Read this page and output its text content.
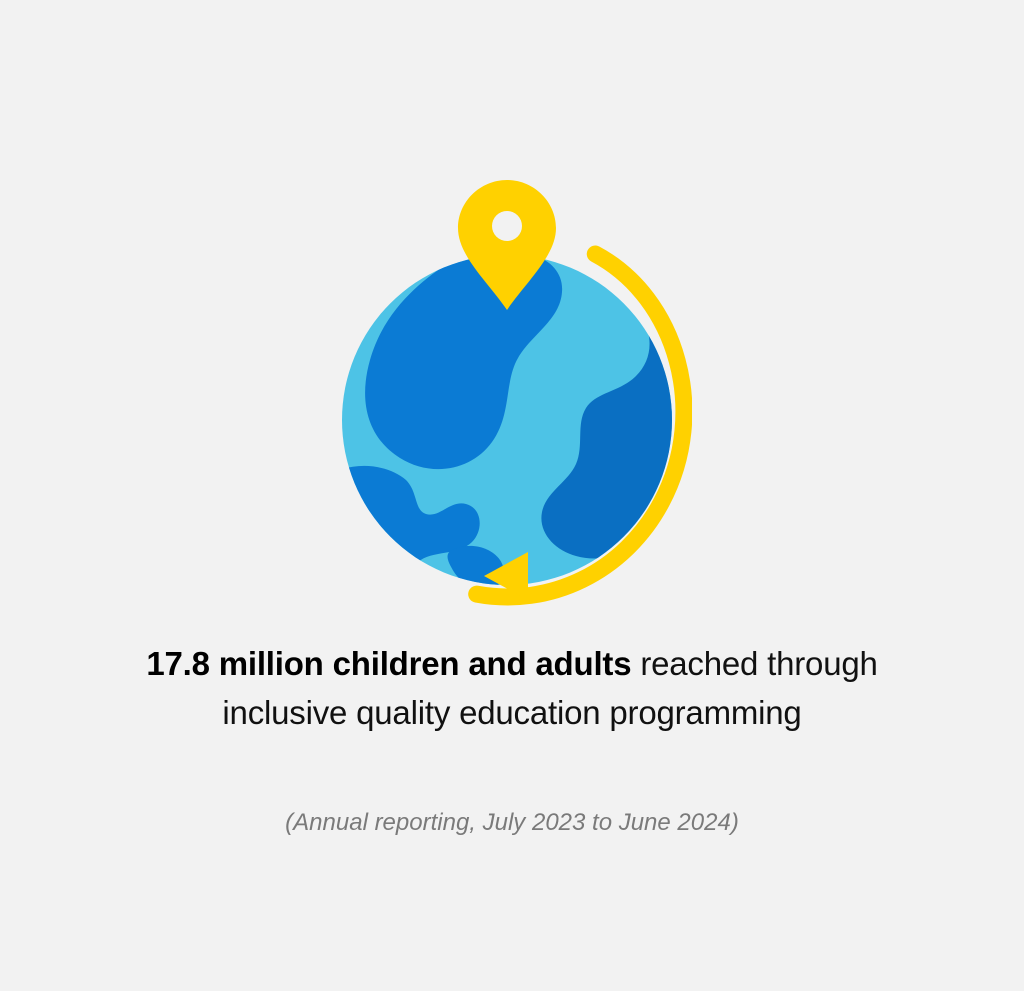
17.8 million children and adults reached through inclusive quality education programming
(Annual reporting, July 2023 to June 2024)
